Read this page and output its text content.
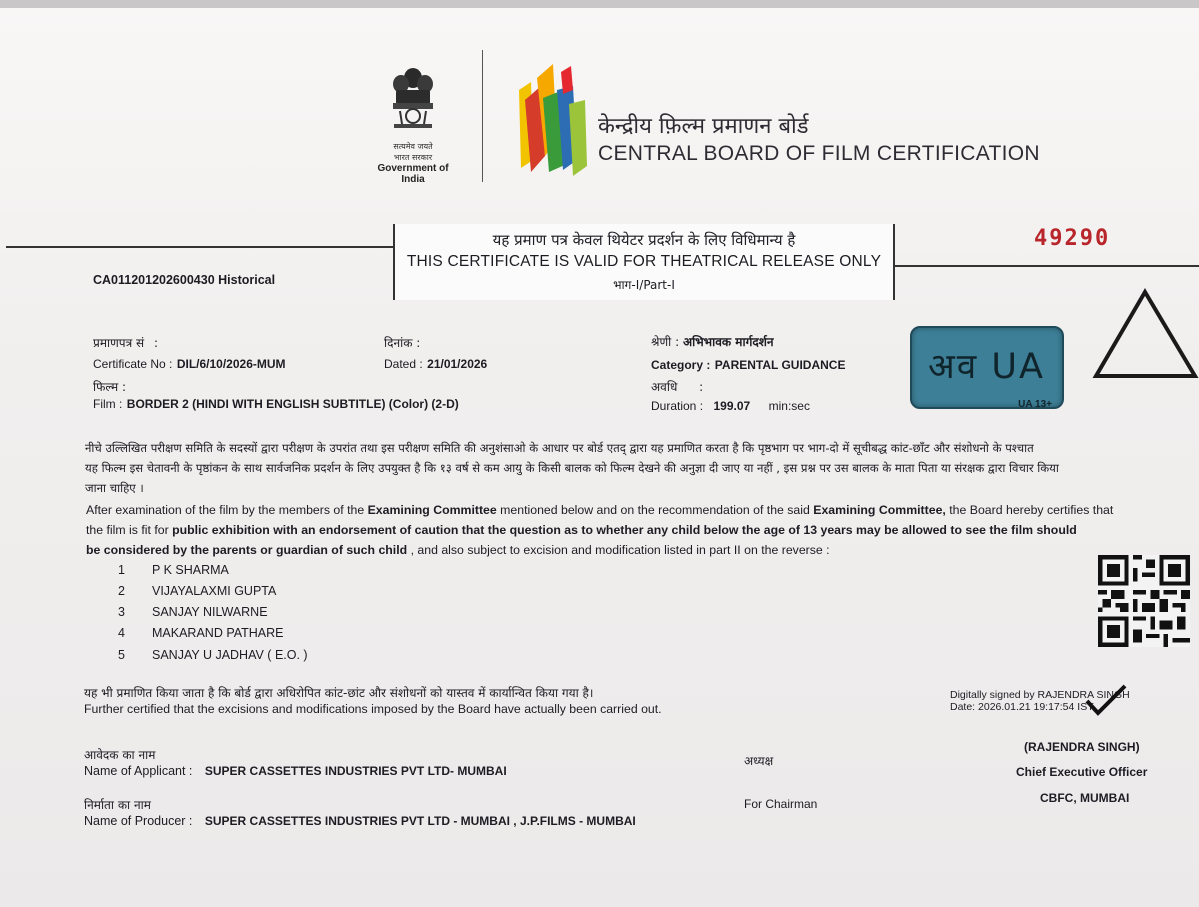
सत्यमेव जयते
भारत सरकार
Government of India
केन्द्रीय फ़िल्म प्रमाणन बोर्ड
CENTRAL BOARD OF FILM CERTIFICATION
यह प्रमाण पत्र केवल थियेटर प्रदर्शन के लिए विधिमान्य है
THIS CERTIFICATE IS VALID FOR THEATRICAL RELEASE ONLY
भाग-I/Part-I
49290
CA011201202600430 Historical
प्रमाणपत्र सं :
Certificate No : DIL/6/10/2026-MUM
दिनांक :
Dated : 21/01/2026
श्रेणी : अभिभावक मार्गदर्शन
Category : PARENTAL GUIDANCE
फिल्म :
Film : BORDER 2 (HINDI WITH ENGLISH SUBTITLE) (Color) (2-D)
अवधि :
Duration : 199.07 min:sec
अव UA
UA 13+
नीचे उल्लिखित परीक्षण समिति के सदस्यों द्वारा परीक्षण के उपरांत तथा इस परीक्षण समिति की अनुशंसाओ के आधार पर बोर्ड एतद् द्वारा यह प्रमाणित करता है कि पृष्ठभाग पर भाग-दो में सूचीबद्ध कांट-छाँट और संशोधनो के पश्चात
यह फिल्म इस चेतावनी के पृष्ठांकन के साथ सार्वजनिक प्रदर्शन के लिए उपयुक्त है कि १३ वर्ष से कम आयु के किसी बालक को फिल्म देखने की अनुज्ञा दी जाए या नहीं , इस प्रश्न पर उस बालक के माता पिता या संरक्षक द्वारा विचार किया
जाना चाहिए ।
After examination of the film by the members of the Examining Committee mentioned below and on the recommendation of the said Examining Committee, the Board hereby certifies that
the film is fit for public exhibition with an endorsement of caution that the question as to whether any child below the age of 13 years may be allowed to see the film should
be considered by the parents or guardian of such child , and also subject to excision and modification listed in part II on the reverse :
1	P K SHARMA
2	VIJAYALAXMI GUPTA
3	SANJAY NILWARNE
4	MAKARAND PATHARE
5	SANJAY U JADHAV ( E.O. )
यह भी प्रमाणित किया जाता है कि बोर्ड द्वारा अधिरोपित कांट-छांट और संशोधनों को यास्तव में कार्यान्वित किया गया है।
Further certified that the excisions and modifications imposed by the Board have actually been carried out.
Digitally signed by RAJENDRA SINGH
Date: 2026.01.21 19:17:54 IST
आवेदक का नाम
Name of Applicant : SUPER CASSETTES INDUSTRIES PVT LTD- MUMBAI
निर्माता का नाम
Name of Producer : SUPER CASSETTES INDUSTRIES PVT LTD - MUMBAI , J.P.FILMS - MUMBAI
अध्यक्ष
For Chairman
(RAJENDRA SINGH)
Chief Executive Officer
CBFC, MUMBAI
